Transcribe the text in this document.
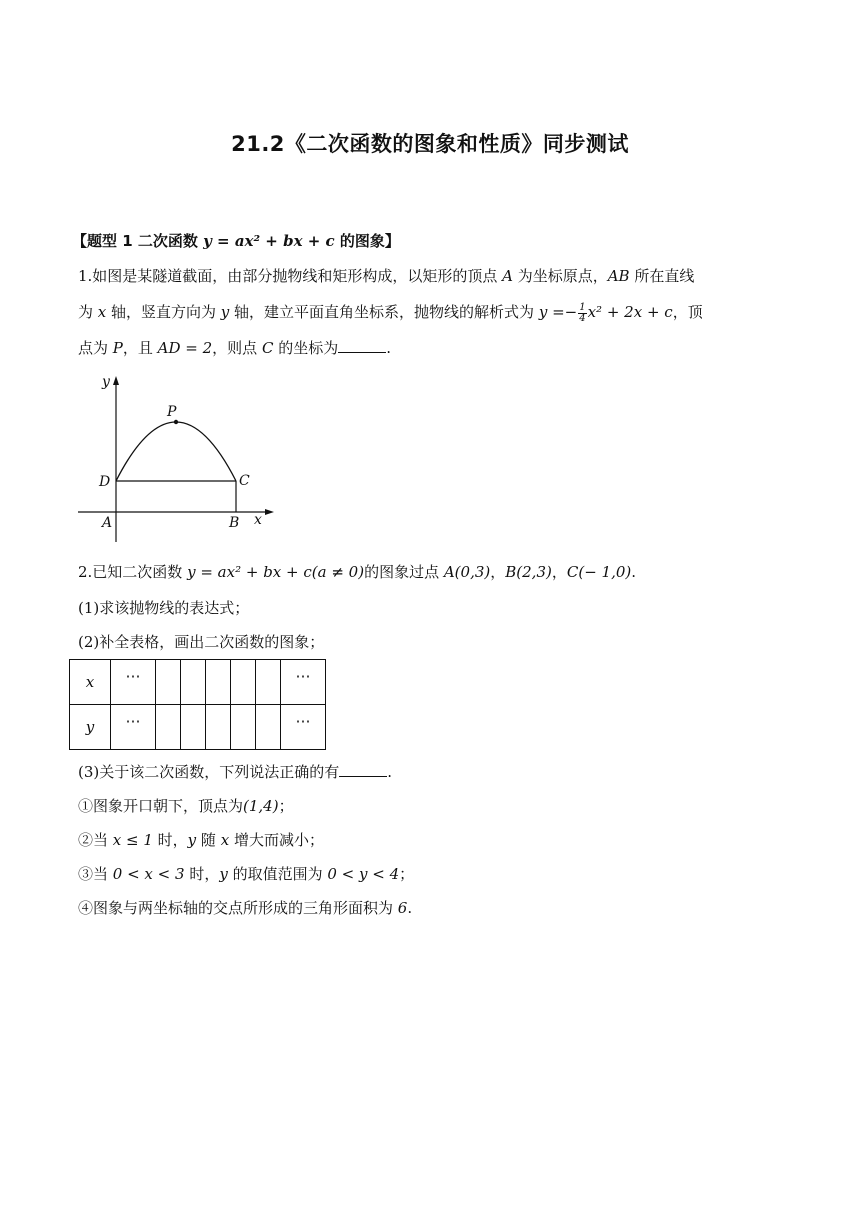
21.2《二次函数的图象和性质》同步测试
【题型 1 二次函数 y = ax² + bx + c 的图象】
1.如图是某隧道截面，由部分抛物线和矩形构成，以矩形的顶点 A 为坐标原点，AB 所在直线
为 x 轴，竖直方向为 y 轴，建立平面直角坐标系，抛物线的解析式为 $y =- \frac{1}{4} x^2 + 2x + c$，顶
点为 P，且 AD = 2，则点 C 的坐标为	.
y
x
P
D	C
A	B
2.已知二次函数 y = ax² + bx + c(a ≠ 0)的图象过点 A(0,3)，B(2,3)，C(− 1,0).
(1)求该抛物线的表达式；
(2)补全表格，画出二次函数的图象；
x	⋯						⋯
y	⋯						⋯
(3)关于该二次函数，下列说法正确的有	.
①图象开口朝下，顶点为(1,4)；
②当 x ≤ 1 时，y 随 x 增大而减小；
③当 0 < x < 3 时，y 的取值范围为 0 < y < 4；
④图象与两坐标轴的交点所形成的三角形面积为 6.
